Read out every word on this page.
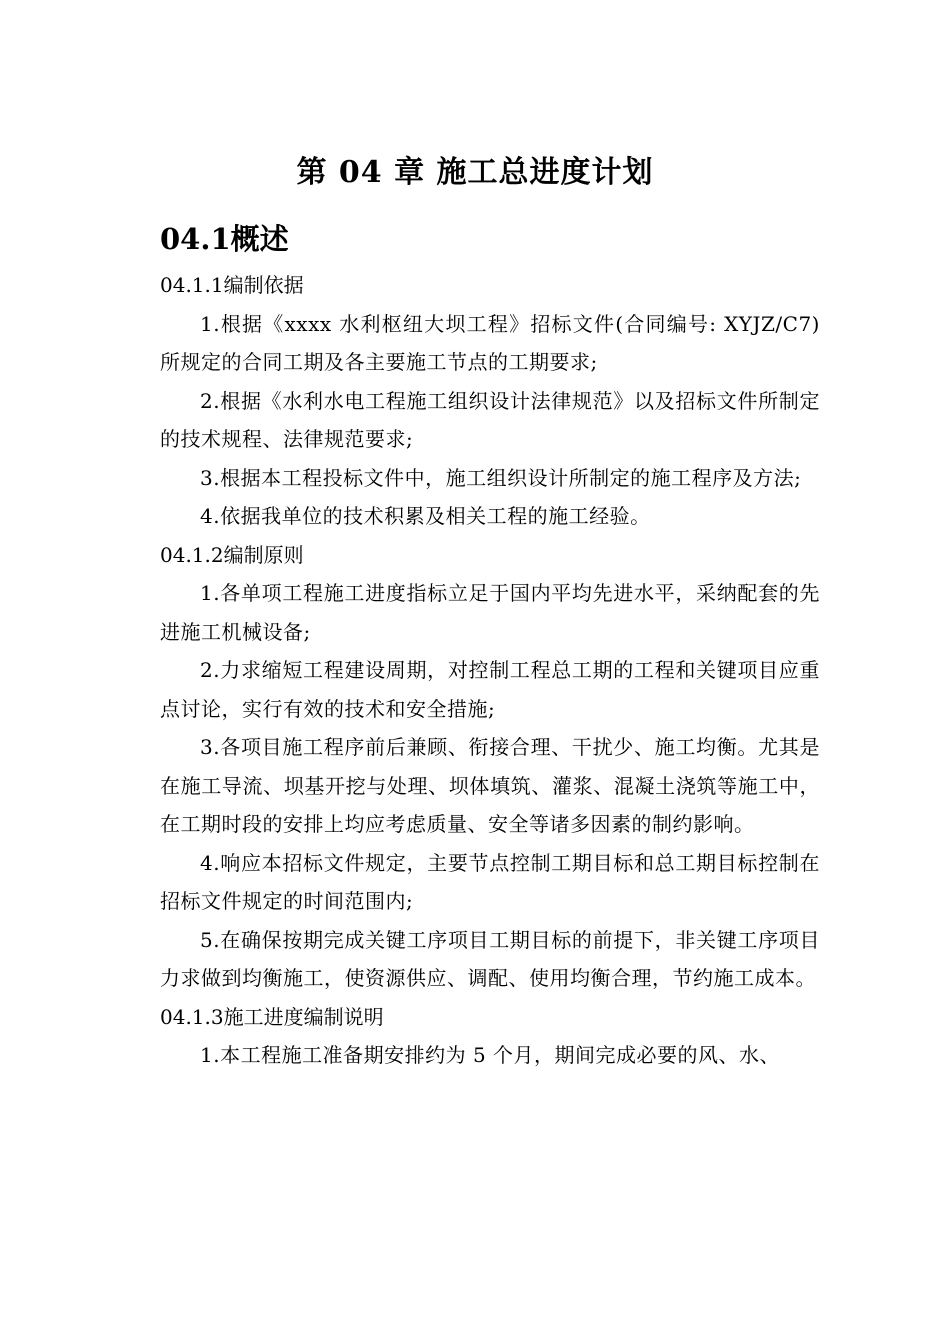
第 04 章 施工总进度计划
04.1概述

04.1.1编制依据

1.根据《xxxx 水利枢纽大坝工程》招标文件(合同编号: XYJZ/C7)所规定的合同工期及各主要施工节点的工期要求;

2.根据《水利水电工程施工组织设计法律规范》以及招标文件所制定的技术规程、法律规范要求;

3.根据本工程投标文件中，施工组织设计所制定的施工程序及方法;

4.依据我单位的技术积累及相关工程的施工经验。

04.1.2编制原则

1.各单项工程施工进度指标立足于国内平均先进水平，采纳配套的先进施工机械设备;

2.力求缩短工程建设周期，对控制工程总工期的工程和关键项目应重点讨论，实行有效的技术和安全措施;

3.各项目施工程序前后兼顾、衔接合理、干扰少、施工均衡。尤其是在施工导流、坝基开挖与处理、坝体填筑、灌浆、混凝土浇筑等施工中，在工期时段的安排上均应考虑质量、安全等诸多因素的制约影响。

4.响应本招标文件规定，主要节点控制工期目标和总工期目标控制在招标文件规定的时间范围内;

5.在确保按期完成关键工序项目工期目标的前提下，非关键工序项目力求做到均衡施工，使资源供应、调配、使用均衡合理，节约施工成本。

04.1.3施工进度编制说明

1.本工程施工准备期安排约为 5 个月，期间完成必要的风、水、
